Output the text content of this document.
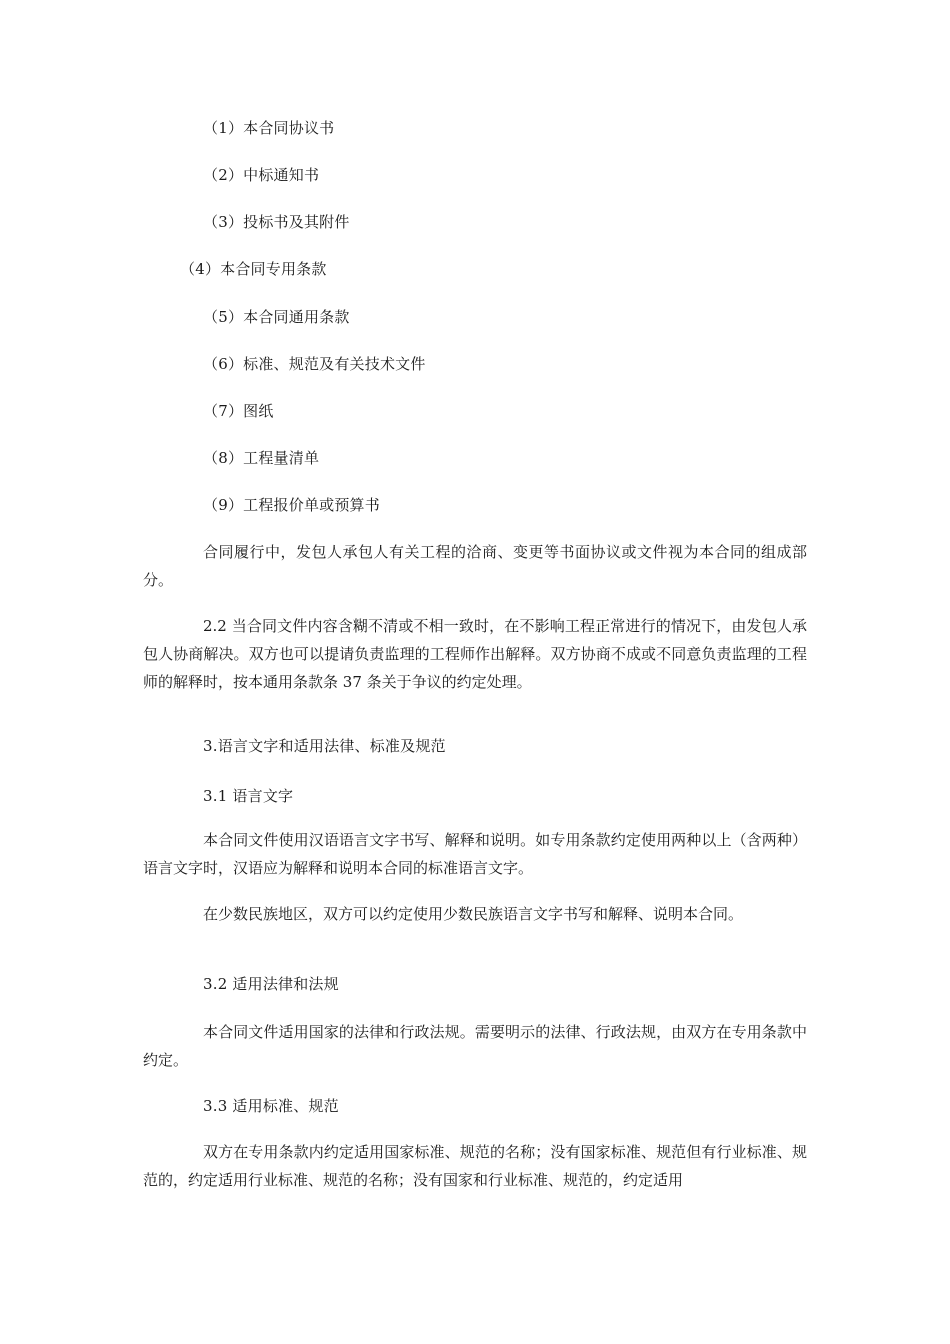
（1）本合同协议书
（2）中标通知书
（3）投标书及其附件
（4）本合同专用条款
（5）本合同通用条款
（6）标准、规范及有关技术文件
（7）图纸
（8）工程量清单
（9）工程报价单或预算书
合同履行中，发包人承包人有关工程的洽商、变更等书面协议或文件视为本合同的组成部分。
2.2 当合同文件内容含糊不清或不相一致时，在不影响工程正常进行的情况下，由发包人承包人协商解决。双方也可以提请负责监理的工程师作出解释。双方协商不成或不同意负责监理的工程师的解释时，按本通用条款条 37 条关于争议的约定处理。
3.语言文字和适用法律、标准及规范
3.1 语言文字
本合同文件使用汉语语言文字书写、解释和说明。如专用条款约定使用两种以上（含两种）语言文字时，汉语应为解释和说明本合同的标准语言文字。
在少数民族地区，双方可以约定使用少数民族语言文字书写和解释、说明本合同。
3.2 适用法律和法规
本合同文件适用国家的法律和行政法规。需要明示的法律、行政法规，由双方在专用条款中约定。
3.3 适用标准、规范
双方在专用条款内约定适用国家标准、规范的名称；没有国家标准、规范但有行业标准、规范的，约定适用行业标准、规范的名称；没有国家和行业标准、规范的，约定适用
